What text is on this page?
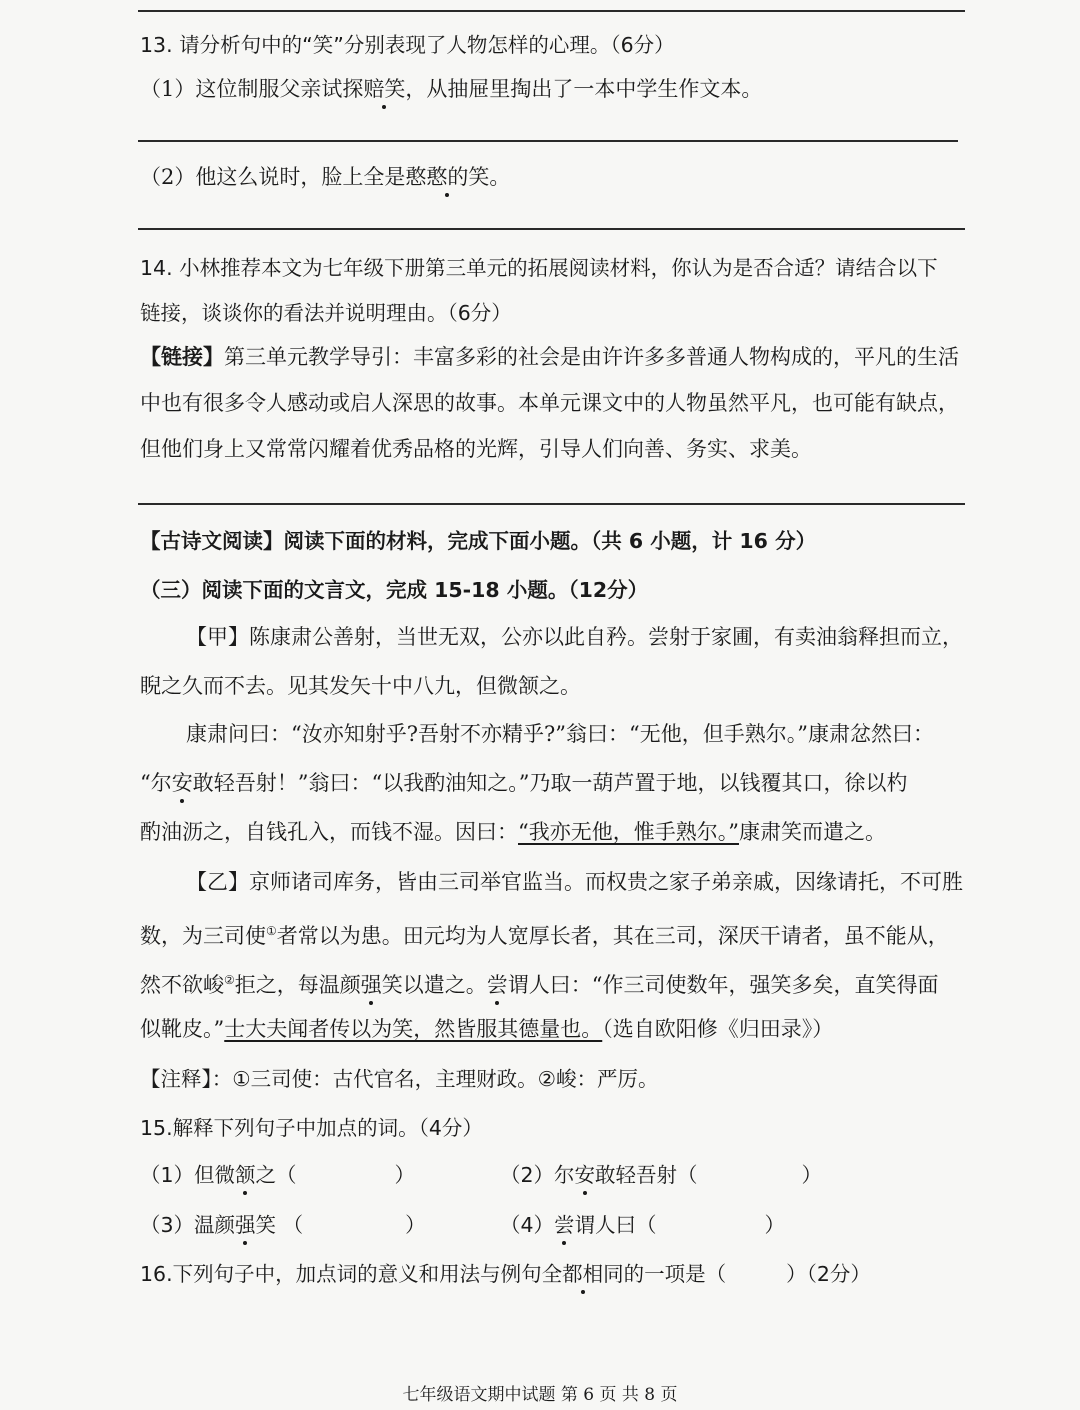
13. 请分析句中的“笑”分别表现了人物怎样的心理。（6分）
（1）这位制服父亲试探赔笑，从抽屉里掏出了一本中学生作文本。
（2）他这么说时，脸上全是憨憨的笑。
14. 小林推荐本文为七年级下册第三单元的拓展阅读材料，你认为是否合适？请结合以下
链接，谈谈你的看法并说明理由。（6分）
【链接】第三单元教学导引：丰富多彩的社会是由许许多多普通人物构成的，平凡的生活
中也有很多令人感动或启人深思的故事。本单元课文中的人物虽然平凡，也可能有缺点，
但他们身上又常常闪耀着优秀品格的光辉，引导人们向善、务实、求美。
【古诗文阅读】阅读下面的材料，完成下面小题。（共 6 小题，计 16 分）
（三）阅读下面的文言文，完成 15-18 小题。（12分）
【甲】陈康肃公善射，当世无双，公亦以此自矜。尝射于家圃，有卖油翁释担而立，
睨之久而不去。见其发矢十中八九，但微颔之。
康肃问曰：“汝亦知射乎?吾射不亦精乎?”翁曰：“无他，但手熟尔。”康肃忿然曰：
“尔安敢轻吾射！”翁曰：“以我酌油知之。”乃取一葫芦置于地，以钱覆其口，徐以杓
酌油沥之，自钱孔入，而钱不湿。因曰：“我亦无他，惟手熟尔。”康肃笑而遣之。
【乙】京师诸司库务，皆由三司举官监当。而权贵之家子弟亲戚，因缘请托，不可胜
数，为三司使①者常以为患。田元均为人宽厚长者，其在三司，深厌干请者，虽不能从，
然不欲峻②拒之，每温颜强笑以遣之。尝谓人曰：“作三司使数年，强笑多矣，直笑得面
似靴皮。”士大夫闻者传以为笑，然皆服其德量也。（选自欧阳修《归田录》）
【注释】：①三司使：古代官名，主理财政。②峻：严厉。
15.解释下列句子中加点的词。（4分）
（1）但微颔之（	）	（2）尔安敢轻吾射（	）
（3）温颜强笑 （	）	（4）尝谓人曰（	）
16.下列句子中，加点词的意义和用法与例句全都相同的一项是（	）（2分）
七年级语文期中试题 第 6 页 共 8 页
